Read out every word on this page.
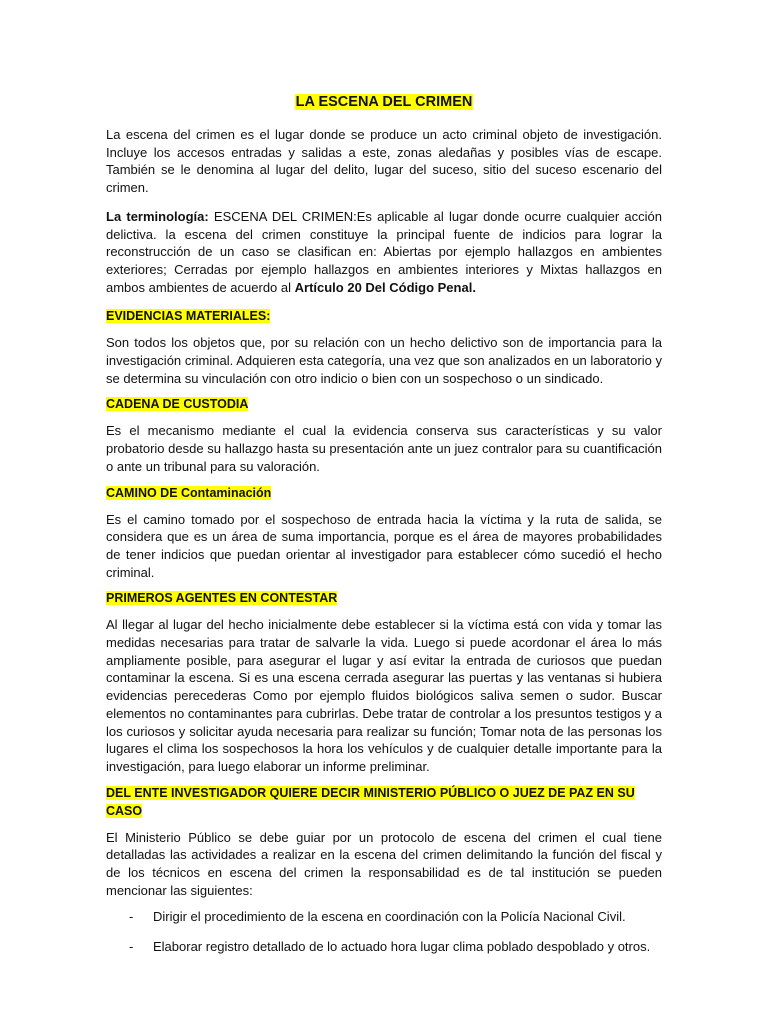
LA ESCENA DEL CRIMEN

La escena del crimen es el lugar donde se produce un acto criminal objeto de investigación. Incluye los accesos entradas y salidas a este, zonas aledañas y posibles vías de escape. También se le denomina al lugar del delito, lugar del suceso, sitio del suceso escenario del crimen.

La terminología: ESCENA DEL CRIMEN:Es aplicable al lugar donde ocurre cualquier acción delictiva. la escena del crimen constituye la principal fuente de indicios para lograr la reconstrucción de un caso se clasifican en: Abiertas por ejemplo hallazgos en ambientes exteriores; Cerradas por ejemplo hallazgos en ambientes interiores y Mixtas hallazgos en ambos ambientes de acuerdo al Artículo 20 Del Código Penal.

EVIDENCIAS MATERIALES:

Son todos los objetos que, por su relación con un hecho delictivo son de importancia para la investigación criminal. Adquieren esta categoría, una vez que son analizados en un laboratorio y se determina su vinculación con otro indicio o bien con un sospechoso o un sindicado.

CADENA DE CUSTODIA

Es el mecanismo mediante el cual la evidencia conserva sus características y su valor probatorio desde su hallazgo hasta su presentación ante un juez contralor para su cuantificación o ante un tribunal para su valoración.

CAMINO DE Contaminación

Es el camino tomado por el sospechoso de entrada hacia la víctima y la ruta de salida, se considera que es un área de suma importancia, porque es el área de mayores probabilidades de tener indicios que puedan orientar al investigador para establecer cómo sucedió el hecho criminal.

PRIMEROS AGENTES EN CONTESTAR

Al llegar al lugar del hecho inicialmente debe establecer si la víctima está con vida y tomar las medidas necesarias para tratar de salvarle la vida. Luego si puede acordonar el área lo más ampliamente posible, para asegurar el lugar y así evitar la entrada de curiosos que puedan contaminar la escena. Si es una escena cerrada asegurar las puertas y las ventanas si hubiera evidencias perecederas Como por ejemplo fluidos biológicos saliva semen o sudor. Buscar elementos no contaminantes para cubrirlas. Debe tratar de controlar a los presuntos testigos y a los curiosos y solicitar ayuda necesaria para realizar su función; Tomar nota de las personas los lugares el clima los sospechosos la hora los vehículos y de cualquier detalle importante para la investigación, para luego elaborar un informe preliminar.

DEL ENTE INVESTIGADOR QUIERE DECIR MINISTERIO PÚBLICO O JUEZ DE PAZ EN SU CASO

El Ministerio Público se debe guiar por un protocolo de escena del crimen el cual tiene detalladas las actividades a realizar en la escena del crimen delimitando la función del fiscal y de los técnicos en escena del crimen la responsabilidad es de tal institución se pueden mencionar las siguientes:

- Dirigir el procedimiento de la escena en coordinación con la Policía Nacional Civil.
- Elaborar registro detallado de lo actuado hora lugar clima poblado despoblado y otros.
